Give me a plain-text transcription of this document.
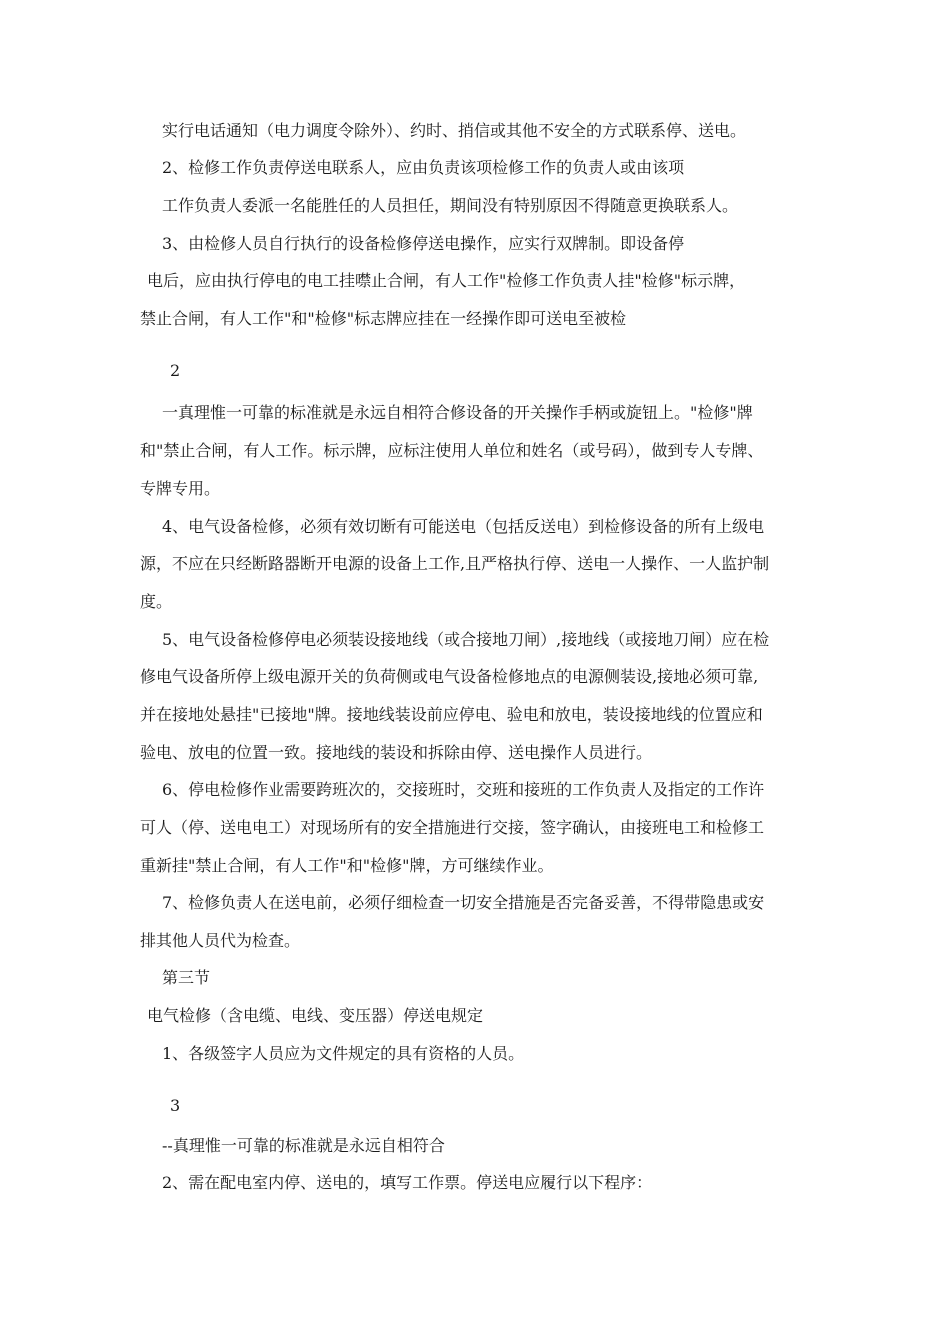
实行电话通知（电力调度令除外）、约时、捎信或其他不安全的方式联系停、送电。
2、检修工作负责停送电联系人，应由负责该项检修工作的负责人或由该项
工作负责人委派一名能胜任的人员担任，期间没有特别原因不得随意更换联系人。
3、由检修人员自行执行的设备检修停送电操作，应实行双牌制。即设备停
电后，应由执行停电的电工挂噤止合闸，有人工作"检修工作负责人挂"检修"标示牌，
禁止合闸，有人工作"和"检修"标志牌应挂在一经操作即可送电至被检
2
一真理惟一可靠的标准就是永远自相符合修设备的开关操作手柄或旋钮上。"检修"牌
和"禁止合闸，有人工作。标示牌，应标注使用人单位和姓名（或号码），做到专人专牌、
专牌专用。
4、电气设备检修，必须有效切断有可能送电（包括反送电）到检修设备的所有上级电
源，不应在只经断路器断开电源的设备上工作,且严格执行停、送电一人操作、一人监护制
度。
5、电气设备检修停电必须装设接地线（或合接地刀闸）,接地线（或接地刀闸）应在检
修电气设备所停上级电源开关的负荷侧或电气设备检修地点的电源侧装设,接地必须可靠,
并在接地处悬挂"已接地"牌。接地线装设前应停电、验电和放电，装设接地线的位置应和
验电、放电的位置一致。接地线的装设和拆除由停、送电操作人员进行。
6、停电检修作业需要跨班次的，交接班时，交班和接班的工作负责人及指定的工作许
可人（停、送电电工）对现场所有的安全措施进行交接，签字确认，由接班电工和检修工
重新挂"禁止合闸，有人工作"和"检修"牌，方可继续作业。
7、检修负责人在送电前，必须仔细检查一切安全措施是否完备妥善，不得带隐患或安
排其他人员代为检查。
第三节
电气检修（含电缆、电线、变压器）停送电规定
1、各级签字人员应为文件规定的具有资格的人员。
3
--真理惟一可靠的标准就是永远自相符合
2、需在配电室内停、送电的，填写工作票。停送电应履行以下程序：
